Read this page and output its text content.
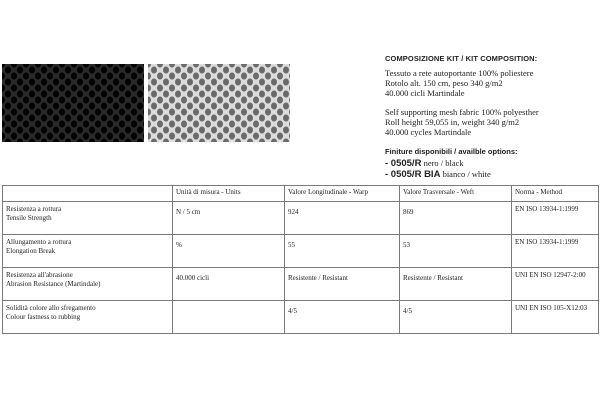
COMPOSIZIONE KIT / KIT COMPOSITION:
Tessuto a rete autoportante 100% poliestere
Rotolo alt. 150 cm, peso 340 g/m2
40.000 cicli Martindale
Self supporting mesh fabric 100% polyesther
Roll height 59,055 in, weight 340 g/m2
40.000 cycles Martindale
Finiture disponibili / availble options:
- 0505/R nero / black
- 0505/R BIA bianco / white
	Unità di misura - Units	Valore Longitudinale - Warp	Valore Trasversale - Weft	Norma - Method

Resistenza a rottura
Tensile Strength	N / 5 cm	924	869	EN ISO 13934-1:1999

Allungamento a rottura
Elongation Break	%	55	53	EN ISO 13934-1:1999

Resistenza all'abrasione
Abrasion Resistance (Martindale)	40.000 cicli	Resistente / Resistant	Resistente / Resistant	UNI EN ISO 12947-2:00

Solidità colore allo sfregamento
Colour fastness to rubbing		4/5	4/5	UNI EN ISO 105-X12:03
